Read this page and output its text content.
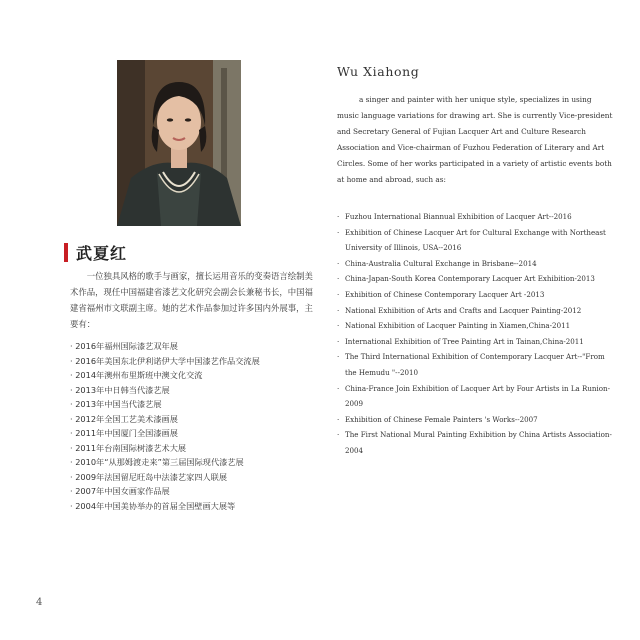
武夏红

一位独具风格的歌手与画家，擅长运用音乐的变奏语言绘制美术作品，现任中国福建省漆艺文化研究会副会长兼秘书长，中国福建省福州市文联副主席。她的艺术作品参加过许多国内外展事，主要有：

· 2016年福州国际漆艺双年展
· 2016年美国东北伊利诺伊大学中国漆艺作品交流展
· 2014年澳州布里斯班中澳文化交流
· 2013年中日韩当代漆艺展
· 2013年中国当代漆艺展
· 2012年全国工艺美术漆画展
· 2011年中国厦门全国漆画展
· 2011年台南国际树漆艺术大展
· 2010年“从那姆渡走来”第三届国际现代漆艺展
· 2009年法国留尼旺岛中法漆艺家四人联展
· 2007年中国女画家作品展
· 2004年中国美协举办的首届全国壁画大展等
Wu Xiahong

a singer and painter with her unique style, specializes in using music language variations for drawing art. She is currently Vice-president and Secretary General of Fujian Lacquer Art and Culture Research Association and Vice-chairman of Fuzhou Federation of Literary and Art Circles. Some of her works participated in a variety of artistic events both at home and abroad, such as:

· Fuzhou International Biannual Exhibition of Lacquer Art--2016
· Exhibition of Chinese Lacquer Art for Cultural Exchange with Northeast University of Illinois, USA--2016
· China-Australia Cultural Exchange in Brisbane--2014
· China-Japan-South Korea Contemporary Lacquer Art Exhibition-2013
· Exhibition of Chinese Contemporary Lacquer Art -2013
· National Exhibition of Arts and Crafts and Lacquer Painting-2012
· National Exhibition of Lacquer Painting in Xiamen,China-2011
· International Exhibition of Tree Painting Art in Tainan,China-2011
· The Third International Exhibition of Contemporary Lacquer Art--"From the Hemudu "--2010
· China-France Join Exhibition of Lacquer Art by Four Artists in La Runion-2009
· Exhibition of Chinese Female Painters 's Works--2007
· The First National Mural Painting Exhibition by China Artists Association- 2004
4
